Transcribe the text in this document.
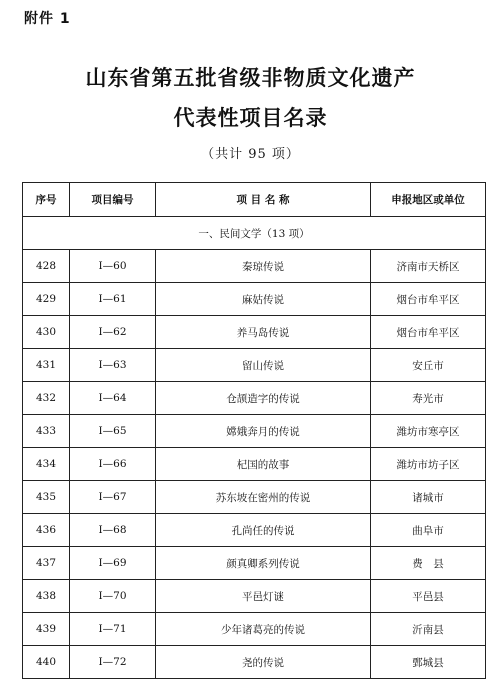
附件 1
山东省第五批省级非物质文化遗产
代表性项目名录
（共计 95 项）
序号	项目编号	项 目 名 称	申报地区或单位
一、民间文学（13 项）			
428	Ⅰ—60	秦琼传说	济南市天桥区
429	Ⅰ—61	麻姑传说	烟台市牟平区
430	Ⅰ—62	养马岛传说	烟台市牟平区
431	Ⅰ—63	留山传说	安丘市
432	Ⅰ—64	仓颉造字的传说	寿光市
433	Ⅰ—65	嫦娥奔月的传说	潍坊市寒亭区
434	Ⅰ—66	杞国的故事	潍坊市坊子区
435	Ⅰ—67	苏东坡在密州的传说	诸城市
436	Ⅰ—68	孔尚任的传说	曲阜市
437	Ⅰ—69	颜真卿系列传说	费　县
438	Ⅰ—70	平邑灯谜	平邑县
439	Ⅰ—71	少年诸葛亮的传说	沂南县
440	Ⅰ—72	尧的传说	鄄城县
